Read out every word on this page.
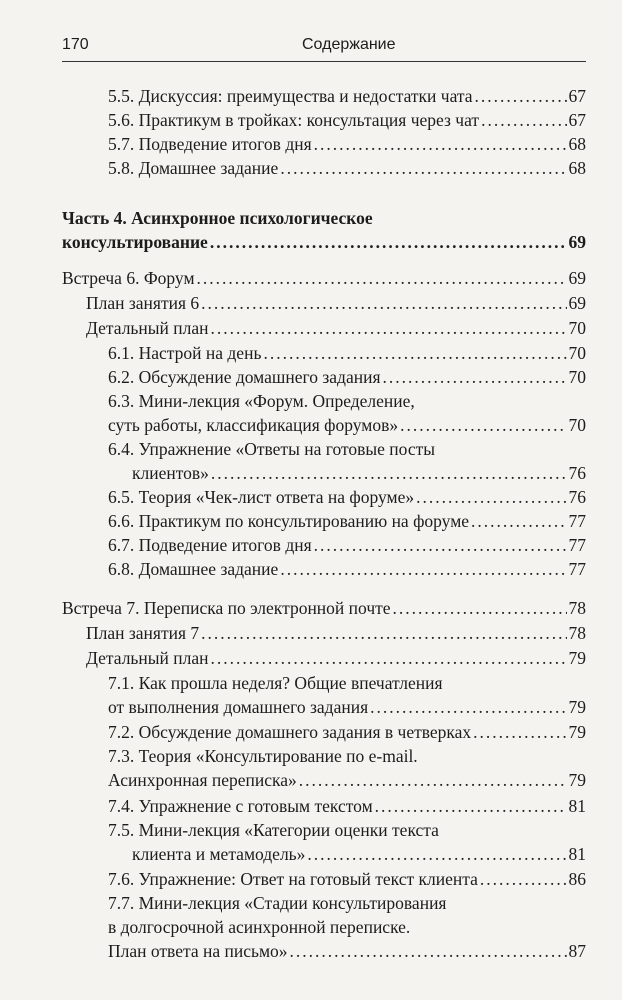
170	Содержание
5.5. Дискуссия: преимущества и недостатки чата .....	67
5.6. Практикум в тройках: консультация через чат .....	67
5.7. Подведение итогов дня .....	68
5.8. Домашнее задание .....	68
Часть 4. Асинхронное психологическое
консультирование .....	69
Встреча 6. Форум .....	69
План занятия 6 .....	69
Детальный план .....	70
6.1. Настрой на день .....	70
6.2. Обсуждение домашнего задания .....	70
6.3. Мини-лекция «Форум. Определение,
суть работы, классификация форумов» .....	70
6.4. Упражнение «Ответы на готовые посты
клиентов» .....	76
6.5. Теория «Чек-лист ответа на форуме» .....	76
6.6. Практикум по консультированию на форуме .....	77
6.7. Подведение итогов дня .....	77
6.8. Домашнее задание .....	77
Встреча 7. Переписка по электронной почте .....	78
План занятия 7 .....	78
Детальный план .....	79
7.1. Как прошла неделя? Общие впечатления
от выполнения домашнего задания .....	79
7.2. Обсуждение домашнего задания в четверках .....	79
7.3. Теория «Консультирование по e-mail.
Асинхронная переписка» .....	79
7.4. Упражнение с готовым текстом .....	81
7.5. Мини-лекция «Категории оценки текста
клиента и метамодель» .....	81
7.6. Упражнение: Ответ на готовый текст клиента .....	86
7.7. Мини-лекция «Стадии консультирования
в долгосрочной асинхронной переписке.
План ответа на письмо» .....	87
